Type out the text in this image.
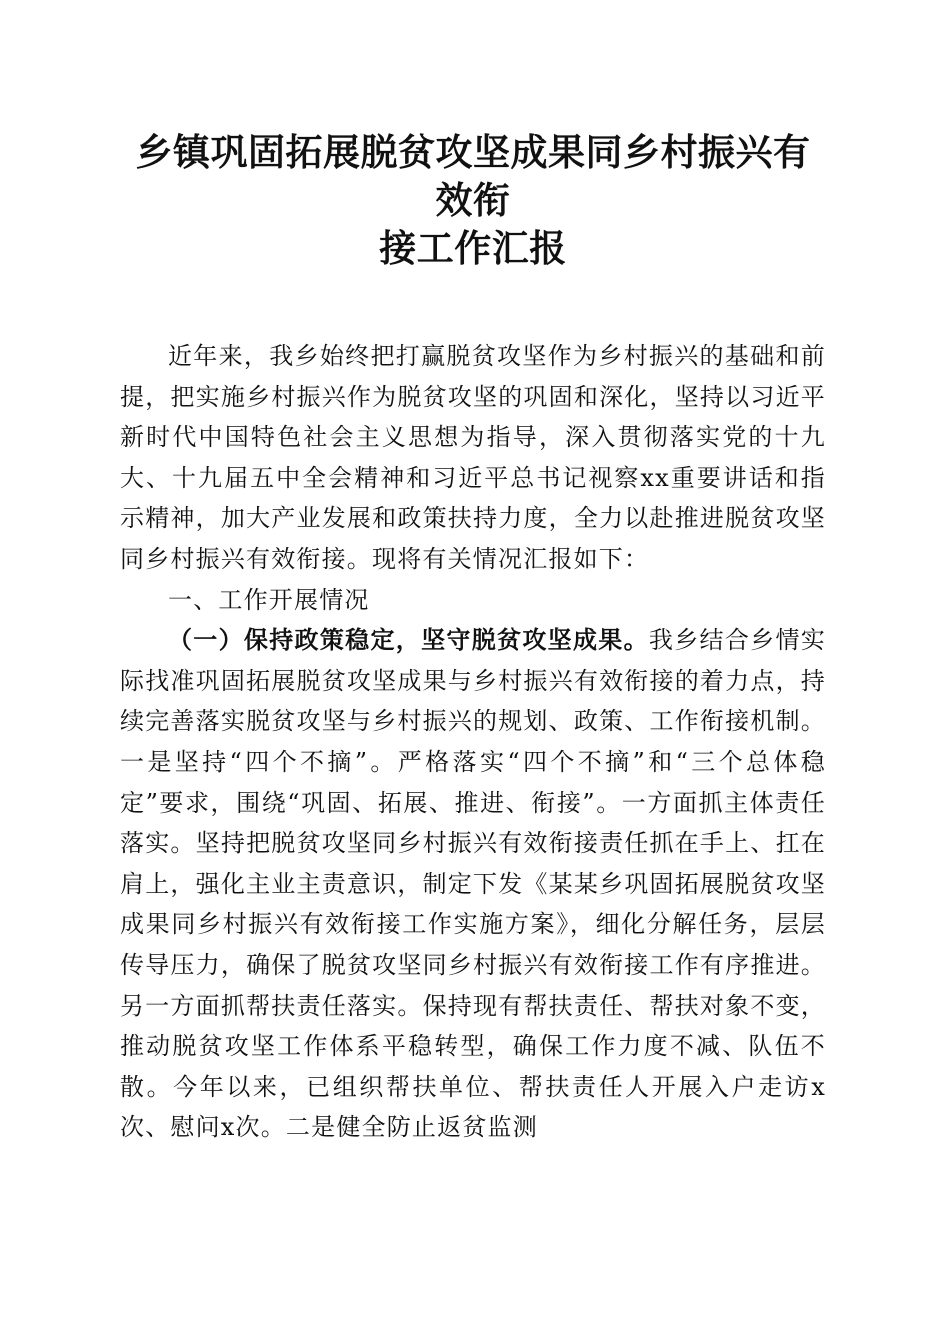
乡镇巩固拓展脱贫攻坚成果同乡村振兴有效衔
接工作汇报

近年来，我乡始终把打赢脱贫攻坚作为乡村振兴的基础和前提，把实施乡村振兴作为脱贫攻坚的巩固和深化，坚持以习近平新时代中国特色社会主义思想为指导，深入贯彻落实党的十九大、十九届五中全会精神和习近平总书记视察xx重要讲话和指示精神，加大产业发展和政策扶持力度，全力以赴推进脱贫攻坚同乡村振兴有效衔接。现将有关情况汇报如下：

一、工作开展情况

（一）保持政策稳定，坚守脱贫攻坚成果。我乡结合乡情实际找准巩固拓展脱贫攻坚成果与乡村振兴有效衔接的着力点，持续完善落实脱贫攻坚与乡村振兴的规划、政策、工作衔接机制。一是坚持“四个不摘”。严格落实“四个不摘”和“三个总体稳定”要求，围绕“巩固、拓展、推进、衔接”。一方面抓主体责任落实。坚持把脱贫攻坚同乡村振兴有效衔接责任抓在手上、扛在肩上，强化主业主责意识，制定下发《某某乡巩固拓展脱贫攻坚成果同乡村振兴有效衔接工作实施方案》，细化分解任务，层层传导压力，确保了脱贫攻坚同乡村振兴有效衔接工作有序推进。另一方面抓帮扶责任落实。保持现有帮扶责任、帮扶对象不变，推动脱贫攻坚工作体系平稳转型，确保工作力度不减、队伍不散。今年以来，已组织帮扶单位、帮扶责任人开展入户走访x次、慰问x次。二是健全防止返贫监测
